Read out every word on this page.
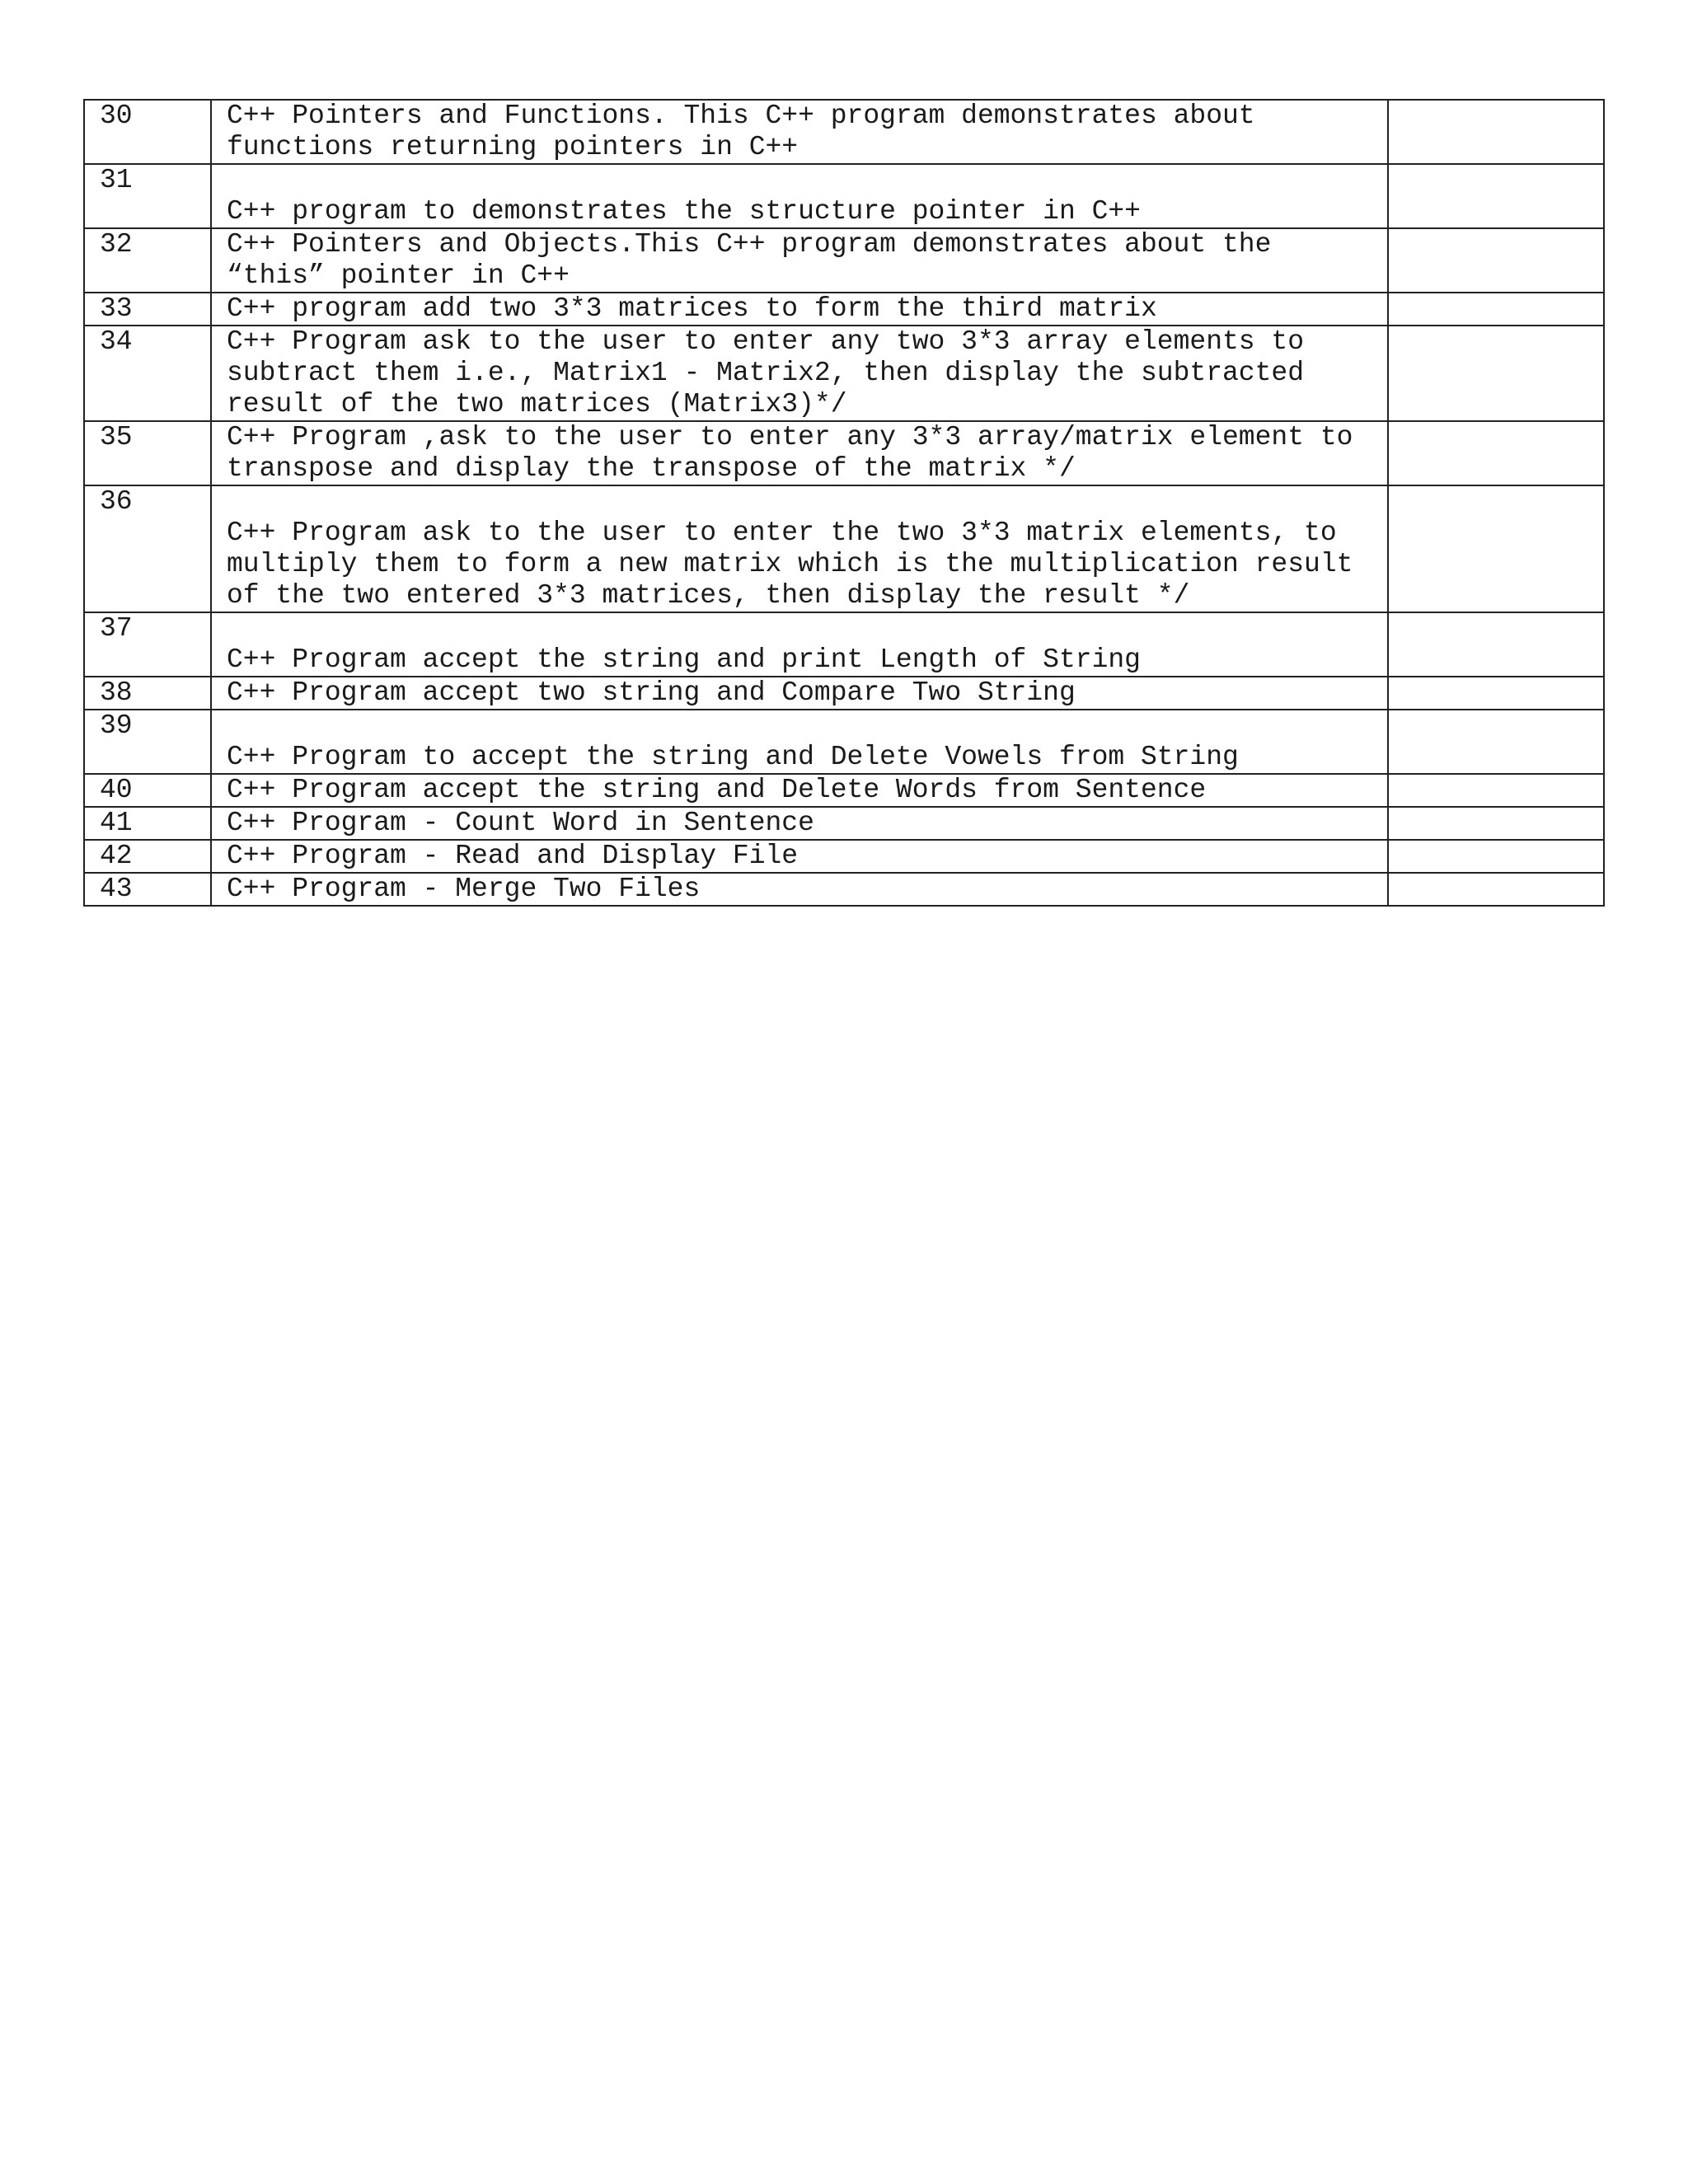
30	C++ Pointers and Functions. This C++ program demonstrates about
functions returning pointers in C++	
31	C++ program to demonstrates the structure pointer in C++	
32	C++ Pointers and Objects.This C++ program demonstrates about the
“this” pointer in C++	
33	C++ program add two 3*3 matrices to form the third matrix	
34	C++ Program ask to the user to enter any two 3*3 array elements to
subtract them i.e., Matrix1 - Matrix2, then display the subtracted
result of the two matrices (Matrix3)*/	
35	C++ Program ,ask to the user to enter any 3*3 array/matrix element to
transpose and display the transpose of the matrix */	
36	C++ Program ask to the user to enter the two 3*3 matrix elements, to
multiply them to form a new matrix which is the multiplication result
of the two entered 3*3 matrices, then display the result */	
37	C++ Program accept the string and print Length of String	
38	C++ Program accept two string and Compare Two String	
39	C++ Program to accept the string and Delete Vowels from String	
40	C++ Program accept the string and Delete Words from Sentence	
41	C++ Program - Count Word in Sentence	
42	C++ Program - Read and Display File	
43	C++ Program - Merge Two Files	
